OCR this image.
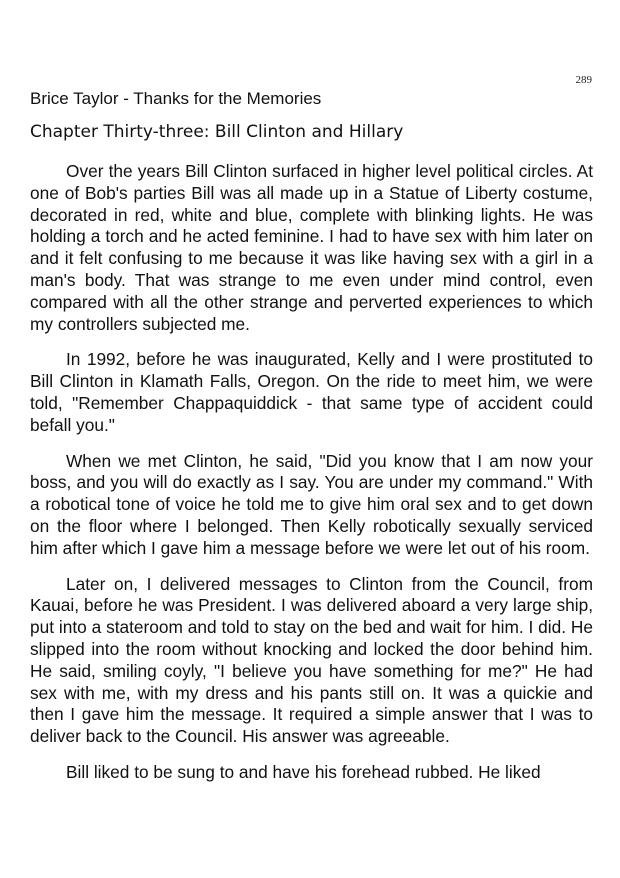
289
Brice Taylor - Thanks for the Memories
Chapter Thirty-three: Bill Clinton and Hillary

Over the years Bill Clinton surfaced in higher level political circles. At one of Bob's parties Bill was all made up in a Statue of Liberty costume, decorated in red, white and blue, complete with blinking lights. He was holding a torch and he acted feminine. I had to have sex with him later on and it felt confusing to me because it was like having sex with a girl in a man's body. That was strange to me even under mind control, even compared with all the other strange and perverted experiences to which my controllers subjected me.

In 1992, before he was inaugurated, Kelly and I were prostituted to Bill Clinton in Klamath Falls, Oregon. On the ride to meet him, we were told, "Remember Chappaquiddick - that same type of accident could befall you."

When we met Clinton, he said, "Did you know that I am now your boss, and you will do exactly as I say. You are under my command." With a robotical tone of voice he told me to give him oral sex and to get down on the floor where I belonged. Then Kelly robotically sexually serviced him after which I gave him a message before we were let out of his room.

Later on, I delivered messages to Clinton from the Council, from Kauai, before he was President. I was delivered aboard a very large ship, put into a stateroom and told to stay on the bed and wait for him. I did. He slipped into the room without knocking and locked the door behind him. He said, smiling coyly, "I believe you have something for me?" He had sex with me, with my dress and his pants still on. It was a quickie and then I gave him the message. It required a simple answer that I was to deliver back to the Council. His answer was agreeable.

Bill liked to be sung to and have his forehead rubbed. He liked
